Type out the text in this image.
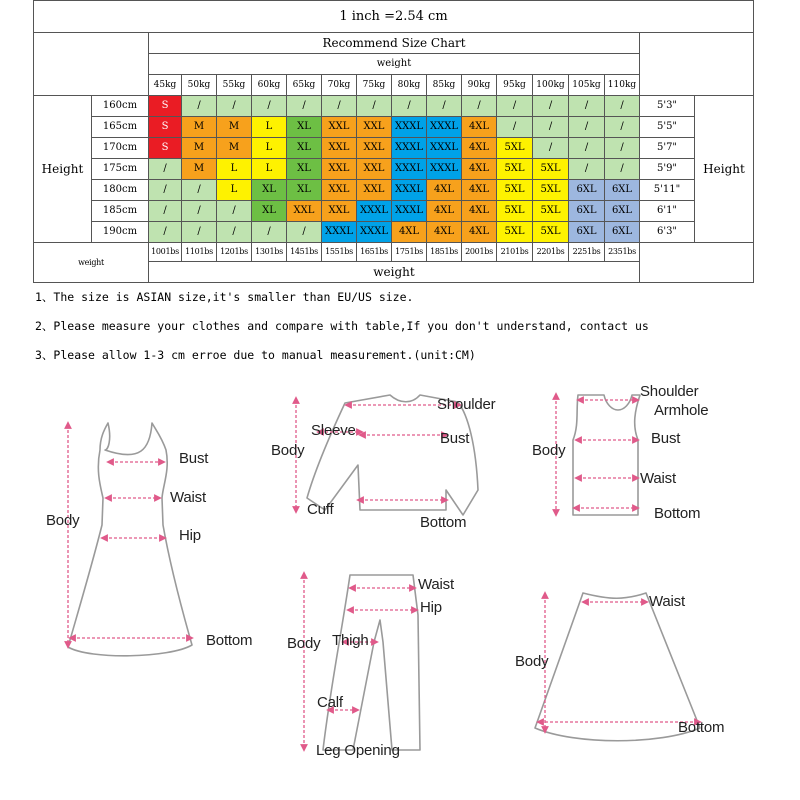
1 inch =2.54 cm																	
		Recommend Size Chart															
		weight															
		45kg	50kg	55kg	60kg	65kg	70kg	75kg	80kg	85kg	90kg	95kg	100kg	105kg	110kg		
Height	160cm	S	/	/	/	/	/	/	/	/	/	/	/	/	/	5'3"	Height
	165cm	S	M	M	L	XL	XXL	XXL	XXXL	XXXL	4XL	/	/	/	/	5'5"	
	170cm	S	M	M	L	XL	XXL	XXL	XXXL	XXXL	4XL	5XL	/	/	/	5'7"	
	175cm	/	M	L	L	XL	XXL	XXL	XXXL	XXXL	4XL	5XL	5XL	/	/	5'9"	
	180cm	/	/	L	XL	XL	XXL	XXL	XXXL	4XL	4XL	5XL	5XL	6XL	6XL	5'11"	
	185cm	/	/	/	XL	XXL	XXL	XXXL	XXXL	4XL	4XL	5XL	5XL	6XL	6XL	6'1"	
	190cm	/	/	/	/	/	XXXL	XXXL	4XL	4XL	4XL	5XL	5XL	6XL	6XL	6'3"	
weight		1001bs	1101bs	1201bs	1301bs	1451bs	1551bs	1651bs	1751bs	1851bs	2001bs	2101bs	2201bs	2251bs	2351bs		
		weight															
1、The size is ASIAN size,it's smaller than EU/US size.
2、Please measure your clothes and compare with table,If you don't understand, contact us
3、Please allow 1-3 cm erroe due to manual measurement.(unit:CM)
Body
Bust
Waist
Hip
Bottom
Shoulder
Sleeve
Body
Bust
Cuff
Bottom
Shoulder
Armhole
Body
Bust
Waist
Bottom
Waist
Hip
Body Thigh
Calf
Leg Opening
Waist
Body
Bottom
